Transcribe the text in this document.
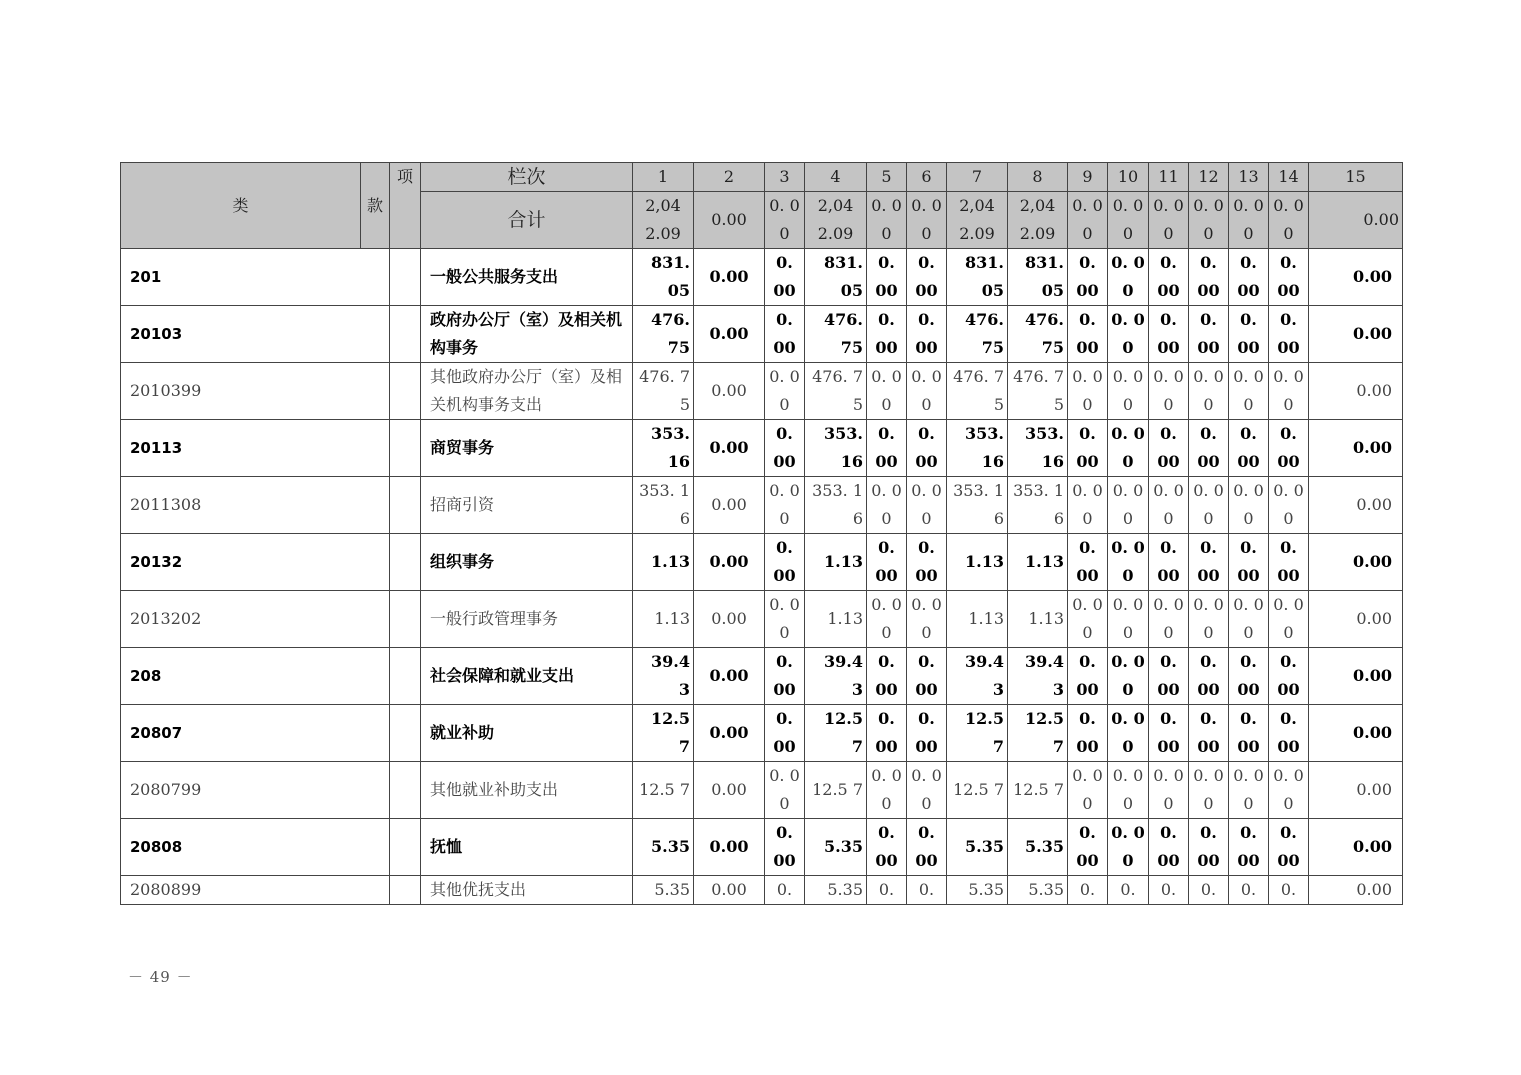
类	款	项	栏次	1	2	3	4	5	6	7	8	9	10	11	12	13	14	15
			合计	2,04 2.09	0.00	0. 00	2,04 2.09	0. 00	0. 00	2,04 2.09	2,04 2.09	0. 00	0. 00	0. 00	0. 00	0. 00	0. 00	0.00
201			一般公共服务支出	831. 05	0.00	0. 00	831. 05	0. 00	0. 00	831. 05	831. 05	0. 00	0. 00	0. 00	0. 00	0. 00	0. 00	0.00
20103			政府办公厅（室）及相关机构事务	476. 75	0.00	0. 00	476. 75	0. 00	0. 00	476. 75	476. 75	0. 00	0. 00	0. 00	0. 00	0. 00	0. 00	0.00
2010399			其他政府办公厅（室）及相关机构事务支出	476. 75	0.00	0. 00	476. 75	0. 00	0. 00	476. 75	476. 75	0. 00	0. 00	0. 00	0. 00	0. 00	0. 00	0.00
20113			商贸事务	353. 16	0.00	0. 00	353. 16	0. 00	0. 00	353. 16	353. 16	0. 00	0. 00	0. 00	0. 00	0. 00	0. 00	0.00
2011308			招商引资	353. 16	0.00	0. 00	353. 16	0. 00	0. 00	353. 16	353. 16	0. 00	0. 00	0. 00	0. 00	0. 00	0. 00	0.00
20132			组织事务	1.13	0.00	0. 00	1.13	0. 00	0. 00	1.13	1.13	0. 00	0. 00	0. 00	0. 00	0. 00	0. 00	0.00
2013202			一般行政管理事务	1.13	0.00	0. 00	1.13	0. 00	0. 00	1.13	1.13	0. 00	0. 00	0. 00	0. 00	0. 00	0. 00	0.00
208			社会保障和就业支出	39.4 3	0.00	0. 00	39.4 3	0. 00	0. 00	39.4 3	39.4 3	0. 00	0. 00	0. 00	0. 00	0. 00	0. 00	0.00
20807			就业补助	12.5 7	0.00	0. 00	12.5 7	0. 00	0. 00	12.5 7	12.5 7	0. 00	0. 00	0. 00	0. 00	0. 00	0. 00	0.00
2080799			其他就业补助支出	12.5 7	0.00	0. 00	12.5 7	0. 00	0. 00	12.5 7	12.5 7	0. 00	0. 00	0. 00	0. 00	0. 00	0. 00	0.00
20808			抚恤	5.35	0.00	0. 00	5.35	0. 00	0. 00	5.35	5.35	0. 00	0. 00	0. 00	0. 00	0. 00	0. 00	0.00
2080899			其他优抚支出	5.35	0.00	0.	5.35	0.	0.	5.35	5.35	0.	0.	0.	0.	0.	0.	0.00
－ 49 －
